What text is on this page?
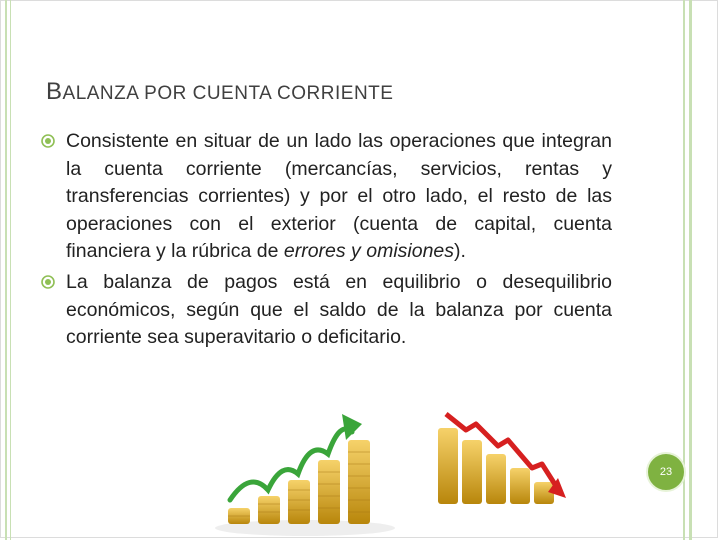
BALANZA POR CUENTA CORRIENTE

Consistente en situar de un lado las operaciones que integran la cuenta corriente (mercancías, servicios, rentas y transferencias corrientes) y por el otro lado, el resto de las operaciones con el exterior (cuenta de capital, cuenta financiera y la rúbrica de errores y omisiones).

La balanza de pagos está en equilibrio o desequilibrio económicos, según que el saldo de la balanza por cuenta corriente sea superavitario o deficitario.

23
